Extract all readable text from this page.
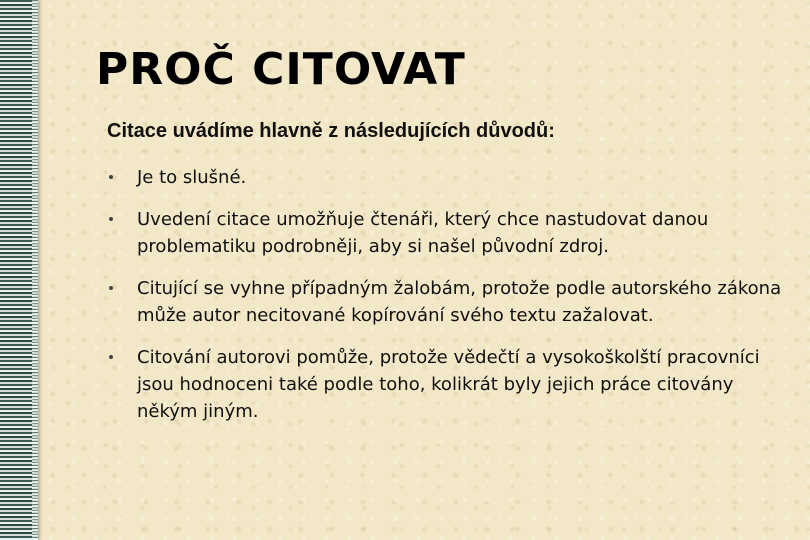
PROČ CITOVAT
Citace uvádíme hlavně z následujících důvodů:
Je to slušné.
Uvedení citace umožňuje čtenáři, který chce nastudovat danou problematiku podrobněji, aby si našel původní zdroj.
Citující se vyhne případným žalobám, protože podle autorského zákona může autor necitované kopírování svého textu zažalovat.
Citování autorovi pomůže, protože vědečtí a vysokoškolští pracovníci jsou hodnoceni také podle toho, kolikrát byly jejich práce citovány někým jiným.
